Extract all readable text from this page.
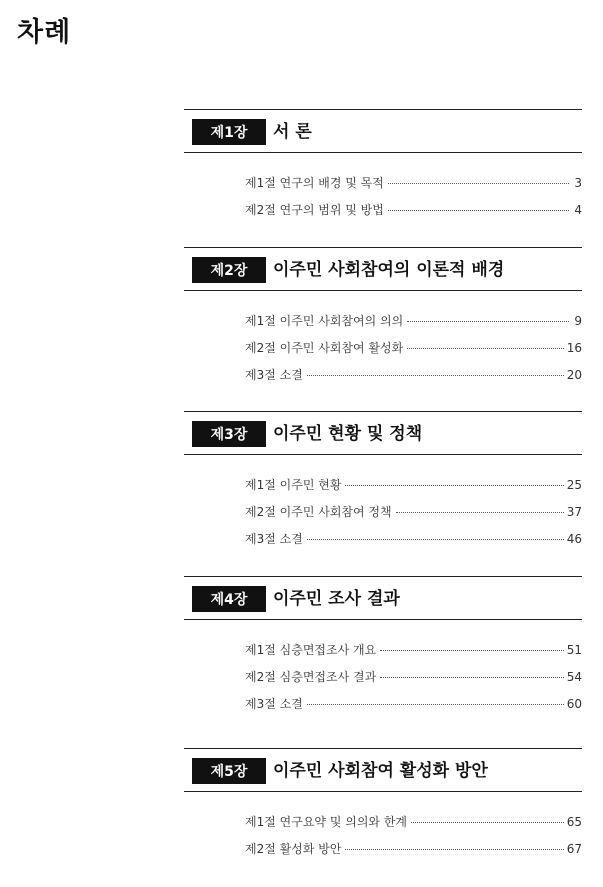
차례
제1장	서 론
제1절 연구의 배경 및 목적	3
제2절 연구의 범위 및 방법	4
제2장	이주민 사회참여의 이론적 배경
제1절 이주민 사회참여의 의의	9
제2절 이주민 사회참여 활성화	16
제3절 소결	20
제3장	이주민 현황 및 정책
제1절 이주민 현황	25
제2절 이주민 사회참여 정책	37
제3절 소결	46
제4장	이주민 조사 결과
제1절 심층면접조사 개요	51
제2절 심층면접조사 결과	54
제3절 소결	60
제5장	이주민 사회참여 활성화 방안
제1절 연구요약 및 의의와 한계	65
제2절 활성화 방안	67
